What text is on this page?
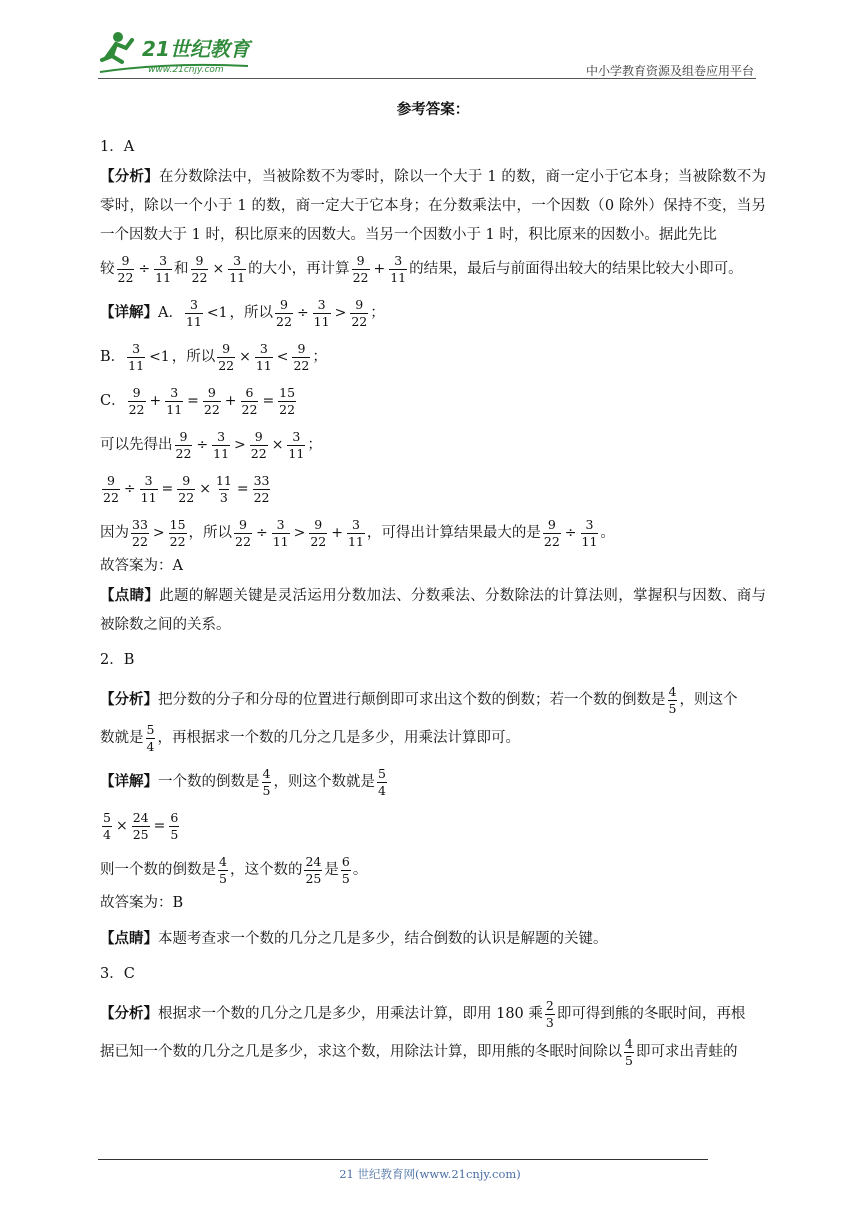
21世纪教育
www.21cnjy.com	中小学教育资源及组卷应用平台
参考答案：
1．A
【分析】在分数除法中，当被除数不为零时，除以一个大于 1 的数，商一定小于它本身；当被除数不为零时，除以一个小于 1 的数，商一定大于它本身；在分数乘法中，一个因数（0 除外）保持不变，当另一个因数大于 1 时，积比原来的因数大。当另一个因数小于 1 时，积比原来的因数小。据此先比
较 $\frac{9}{22} \div \frac{3}{11}$ 和 $\frac{9}{22} \times \frac{3}{11}$ 的大小，再计算 $\frac{9}{22} + \frac{3}{11}$ 的结果，最后与前面得出较大的结果比较大小即可。
【详解】A． $\frac{3}{11} <1$ ，所以 $\frac{9}{22} \div \frac{3}{11} > \frac{9}{22}$ ；
B． $\frac{3}{11} <1$ ，所以 $\frac{9}{22} \times \frac{3}{11} < \frac{9}{22}$ ；
C． $\frac{9}{22} + \frac{3}{11} = \frac{9}{22} + \frac{6}{22} = \frac{15}{22}$
可以先得出 $\frac{9}{22} \div \frac{3}{11} > \frac{9}{22} \times \frac{3}{11}$ ；
$\frac{9}{22} \div \frac{3}{11} = \frac{9}{22} \times \frac{11}{3} = \frac{33}{22}$
因为 $\frac{33}{22} > \frac{15}{22}$ ，所以 $\frac{9}{22} \div \frac{3}{11} > \frac{9}{22} + \frac{3}{11}$ ，可得出计算结果最大的是 $\frac{9}{22} \div \frac{3}{11}$ 。
故答案为：A
【点睛】此题的解题关键是灵活运用分数加法、分数乘法、分数除法的计算法则，掌握积与因数、商与被除数之间的关系。
2．B
【分析】把分数的分子和分母的位置进行颠倒即可求出这个数的倒数；若一个数的倒数是 $\frac{4}{5}$ ，则这个
数就是 $\frac{5}{4}$ ，再根据求一个数的几分之几是多少，用乘法计算即可。
【详解】一个数的倒数是 $\frac{4}{5}$ ，则这个数就是 $\frac{5}{4}$
$\frac{5}{4} \times \frac{24}{25} = \frac{6}{5}$
则一个数的倒数是 $\frac{4}{5}$ ，这个数的 $\frac{24}{25}$ 是 $\frac{6}{5}$ 。
故答案为：B
【点睛】本题考查求一个数的几分之几是多少，结合倒数的认识是解题的关键。
3．C
【分析】根据求一个数的几分之几是多少，用乘法计算，即用 180 乘 $\frac{2}{3}$ 即可得到熊的冬眠时间，再根
据已知一个数的几分之几是多少，求这个数，用除法计算，即用熊的冬眠时间除以 $\frac{4}{5}$ 即可求出青蛙的
21 世纪教育网(www.21cnjy.com)
